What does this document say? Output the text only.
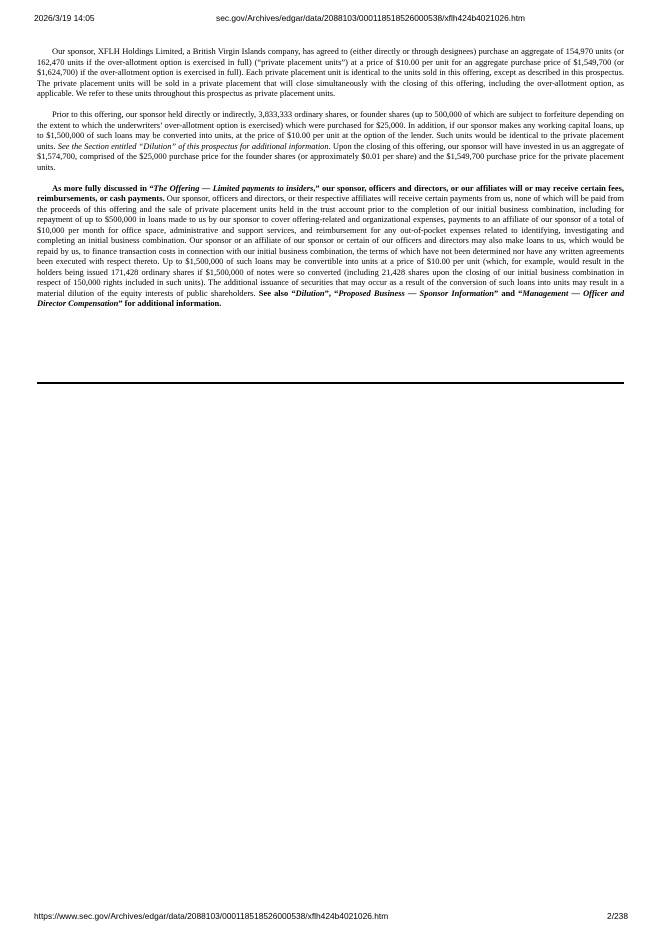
2026/3/19 14:05	sec.gov/Archives/edgar/data/2088103/000118518526000538/xflh424b4021026.htm

Our sponsor, XFLH Holdings Limited, a British Virgin Islands company, has agreed to (either directly or through designees) purchase an aggregate of 154,970 units (or 162,470 units if the over-allotment option is exercised in full) (“private placement units”) at a price of $10.00 per unit for an aggregate purchase price of $1,549,700 (or $1,624,700) if the over-allotment option is exercised in full). Each private placement unit is identical to the units sold in this offering, except as described in this prospectus. The private placement units will be sold in a private placement that will close simultaneously with the closing of this offering, including the over-allotment option, as applicable. We refer to these units throughout this prospectus as private placement units.

Prior to this offering, our sponsor held directly or indirectly, 3,833,333 ordinary shares, or founder shares (up to 500,000 of which are subject to forfeiture depending on the extent to which the underwriters’ over-allotment option is exercised) which were purchased for $25,000. In addition, if our sponsor makes any working capital loans, up to $1,500,000 of such loans may be converted into units, at the price of $10.00 per unit at the option of the lender. Such units would be identical to the private placement units. See the Section entitled “Dilution” of this prospectus for additional information. Upon the closing of this offering, our sponsor will have invested in us an aggregate of $1,574,700, comprised of the $25,000 purchase price for the founder shares (or approximately $0.01 per share) and the $1,549,700 purchase price for the private placement units.

As more fully discussed in “The Offering — Limited payments to insiders,” our sponsor, officers and directors, or our affiliates will or may receive certain fees, reimbursements, or cash payments. Our sponsor, officers and directors, or their respective affiliates will receive certain payments from us, none of which will be paid from the proceeds of this offering and the sale of private placement units held in the trust account prior to the completion of our initial business combination, including for repayment of up to $500,000 in loans made to us by our sponsor to cover offering-related and organizational expenses, payments to an affiliate of our sponsor of a total of $10,000 per month for office space, administrative and support services, and reimbursement for any out-of-pocket expenses related to identifying, investigating and completing an initial business combination. Our sponsor or an affiliate of our sponsor or certain of our officers and directors may also make loans to us, which would be repaid by us, to finance transaction costs in connection with our initial business combination, the terms of which have not been determined nor have any written agreements been executed with respect thereto. Up to $1,500,000 of such loans may be convertible into units at a price of $10.00 per unit (which, for example, would result in the holders being issued 171,428 ordinary shares if $1,500,000 of notes were so converted (including 21,428 shares upon the closing of our initial business combination in respect of 150,000 rights included in such units). The additional issuance of securities that may occur as a result of the conversion of such loans into units may result in a material dilution of the equity interests of public shareholders. See also “Dilution”, “Proposed Business — Sponsor Information” and “Management — Officer and Director Compensation” for additional information.

https://www.sec.gov/Archives/edgar/data/2088103/000118518526000538/xflh424b4021026.htm	2/238
